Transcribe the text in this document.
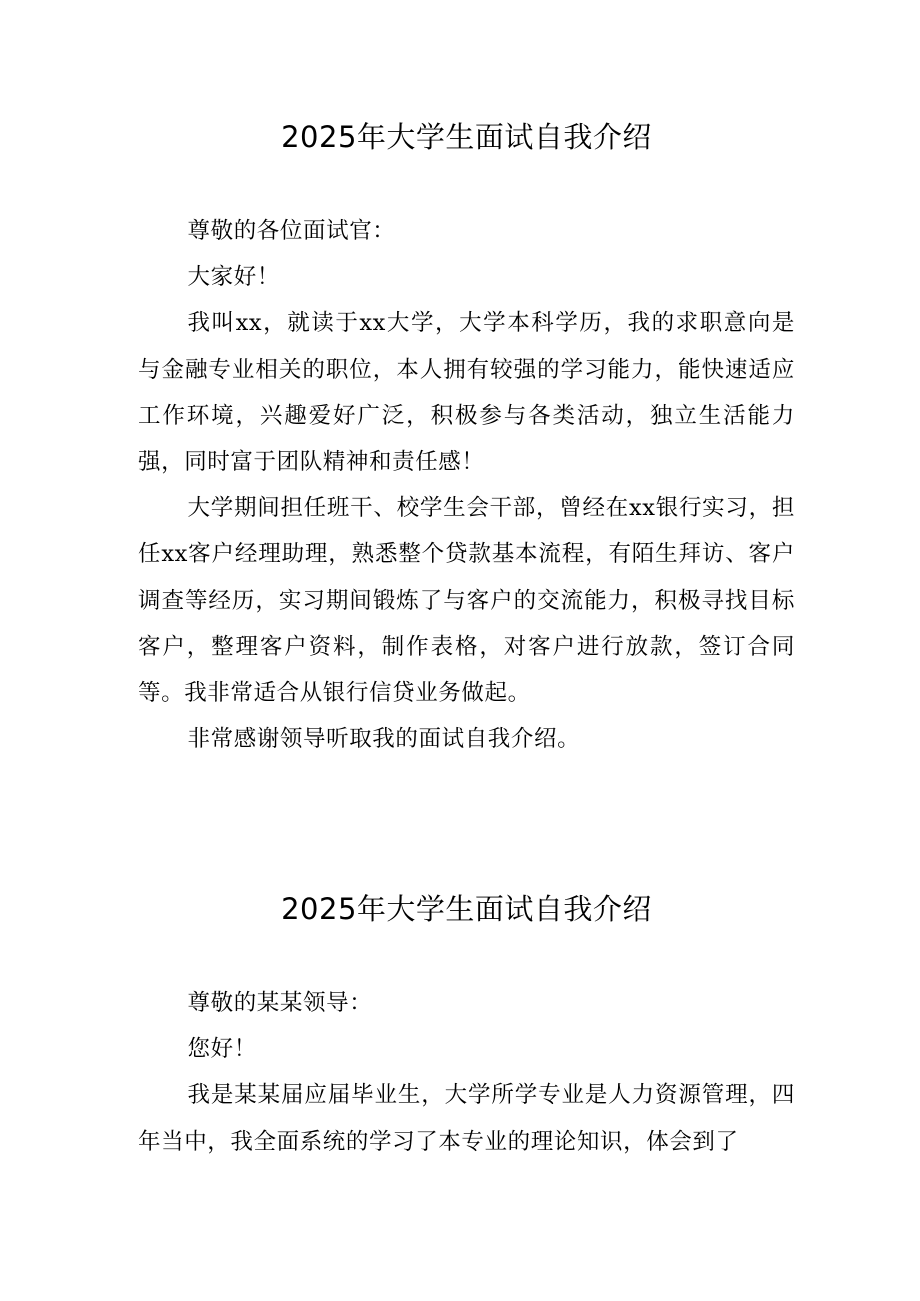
2025年大学生面试自我介绍

尊敬的各位面试官：

大家好！

我叫xx，就读于xx大学，大学本科学历，我的求职意向是与金融专业相关的职位，本人拥有较强的学习能力，能快速适应工作环境，兴趣爱好广泛，积极参与各类活动，独立生活能力强，同时富于团队精神和责任感！

大学期间担任班干、校学生会干部，曾经在xx银行实习，担任xx客户经理助理，熟悉整个贷款基本流程，有陌生拜访、客户调查等经历，实习期间锻炼了与客户的交流能力，积极寻找目标客户，整理客户资料，制作表格，对客户进行放款，签订合同等。我非常适合从银行信贷业务做起。

非常感谢领导听取我的面试自我介绍。

2025年大学生面试自我介绍

尊敬的某某领导：

您好！

我是某某届应届毕业生，大学所学专业是人力资源管理，四年当中，我全面系统的学习了本专业的理论知识，体会到了
